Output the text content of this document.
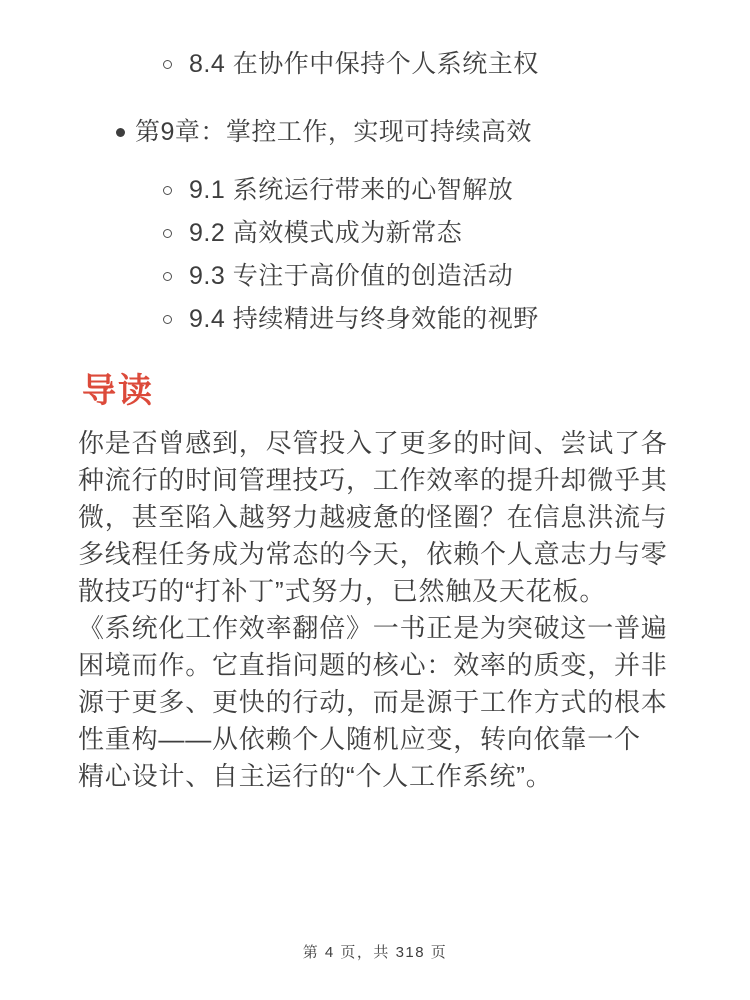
8.4 在协作中保持个人系统主权
第9章：掌控工作，实现可持续高效
9.1 系统运行带来的心智解放
9.2 高效模式成为新常态
9.3 专注于高价值的创造活动
9.4 持续精进与终身效能的视野
导读
你是否曾感到，尽管投入了更多的时间、尝试了各
种流行的时间管理技巧，工作效率的提升却微乎其
微，甚至陷入越努力越疲惫的怪圈？在信息洪流与
多线程任务成为常态的今天，依赖个人意志力与零
散技巧的“打补丁”式努力，已然触及天花板。
《系统化工作效率翻倍》一书正是为突破这一普遍
困境而作。它直指问题的核心：效率的质变，并非
源于更多、更快的行动，而是源于工作方式的根本
性重构——从依赖个人随机应变，转向依靠一个
精心设计、自主运行的“个人工作系统”。
第 4 页，共 318 页
